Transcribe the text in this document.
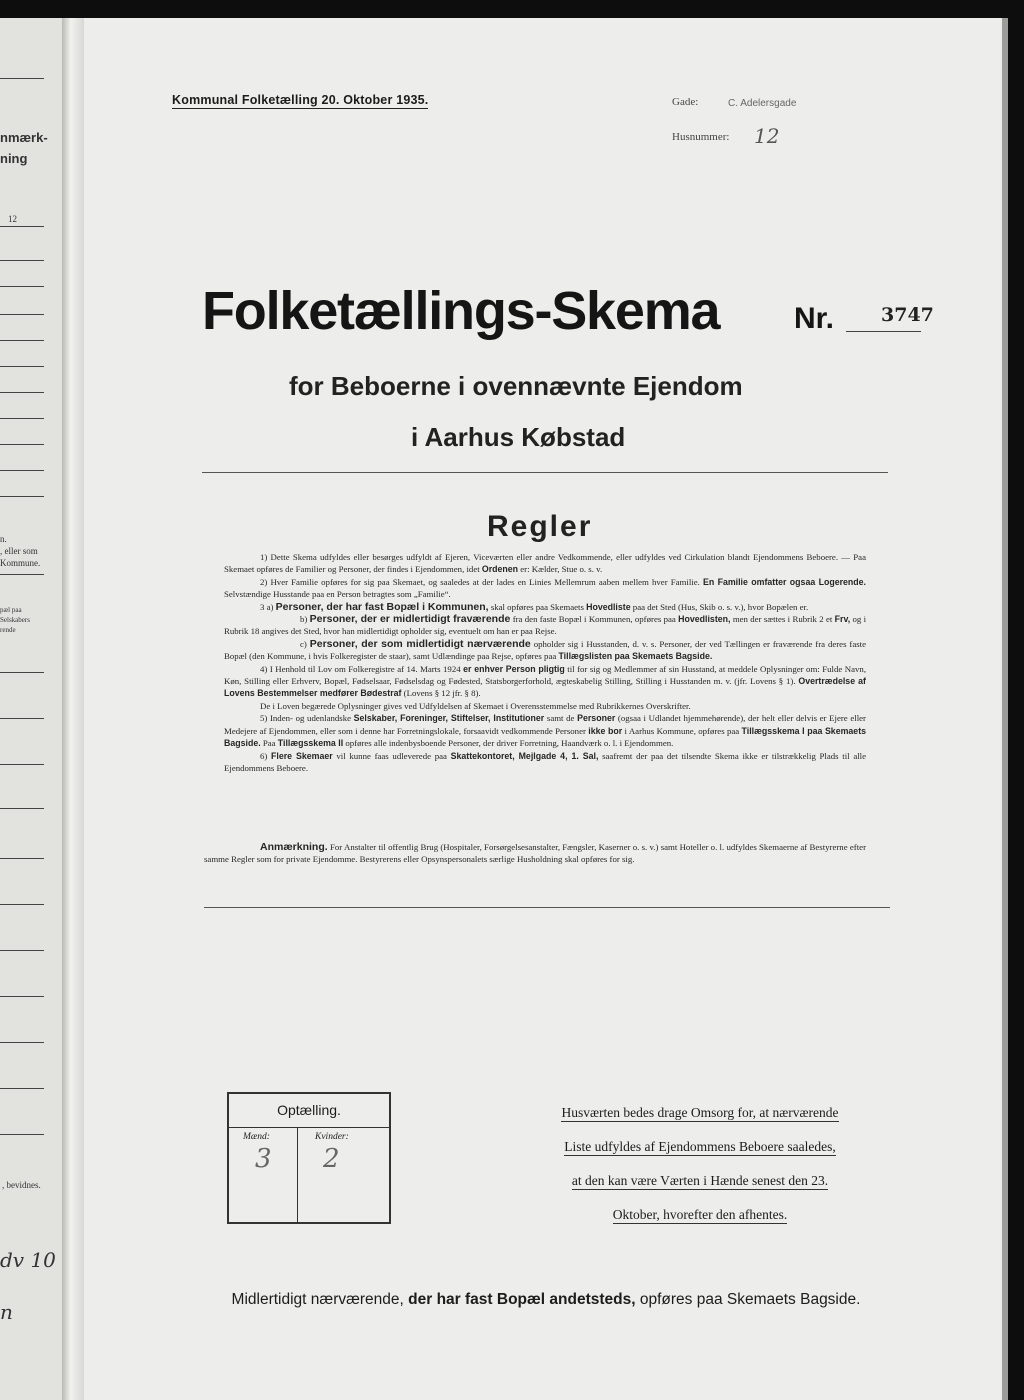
nmærk-
ning
12
n.
, eller som
Kommune.
pæl paa
Selskabers
rende
, bevidnes.
dv 10
n
Kommunal Folketælling 20. Oktober 1935.	Gade:	C. Adelersgade
Husnummer: 12
Folketællings-Skema Nr. 3747
for Beboerne i ovennævnte Ejendom
i Aarhus Købstad
Regler

1) Dette Skema udfyldes eller besørges udfyldt af Ejeren, Viceværten eller andre Vedkommende, eller udfyldes ved Cirkulation blandt Ejendommens Beboere. — Paa Skemaet opføres de Familier og Personer, der findes i Ejendommen, idet Ordenen er: Kælder, Stue o. s. v.

2) Hver Familie opføres for sig paa Skemaet, og saaledes at der lades en Linies Mellemrum aaben mellem hver Familie. En Familie omfatter ogsaa Logerende. Selvstændige Husstande paa en Person betragtes som „Familie“.

3 a) Personer, der har fast Bopæl i Kommunen, skal opføres paa Skemaets Hovedliste paa det Sted (Hus, Skib o. s. v.), hvor Bopælen er.

b) Personer, der er midlertidigt fraværende fra den faste Bopæl i Kommunen, opføres paa Hovedlisten, men der sættes i Rubrik 2 et Frv, og i Rubrik 18 angives det Sted, hvor han midlertidigt opholder sig, eventuelt om han er paa Rejse.

c) Personer, der som midlertidigt nærværende opholder sig i Husstanden, d. v. s. Personer, der ved Tællingen er fraværende fra deres faste Bopæl (den Kommune, i hvis Folkeregister de staar), samt Udlændinge paa Rejse, opføres paa Tillægslisten paa Skemaets Bagside.

4) I Henhold til Lov om Folkeregistre af 14. Marts 1924 er enhver Person pligtig til for sig og Medlemmer af sin Husstand, at meddele Oplysninger om: Fulde Navn, Køn, Stilling eller Erhverv, Bopæl, Fødselsaar, Fødselsdag og Fødested, Statsborgerforhold, ægteskabelig Stilling, Stilling i Husstanden m. v. (jfr. Lovens § 1). Overtrædelse af Lovens Bestemmelser medfører Bødestraf (Lovens § 12 jfr. § 8).

De i Loven begærede Oplysninger gives ved Udfyldelsen af Skemaet i Overensstemmelse med Rubrikkernes Overskrifter.

5) Inden- og udenlandske Selskaber, Foreninger, Stiftelser, Institutioner samt de Personer (ogsaa i Udlandet hjemmehørende), der helt eller delvis er Ejere eller Medejere af Ejendommen, eller som i denne har Forretningslokale, forsaavidt vedkommende Personer ikke bor i Aarhus Kommune, opføres paa Tillægsskema I paa Skemaets Bagside. Paa Tillægsskema II opføres alle indenbysboende Personer, der driver Forretning, Haandværk o. l. i Ejendommen.

6) Flere Skemaer vil kunne faas udleverede paa Skattekontoret, Mejlgade 4, 1. Sal, saafremt der paa det tilsendte Skema ikke er tilstrækkelig Plads til alle Ejendommens Beboere.

Anmærkning. For Anstalter til offentlig Brug (Hospitaler, Forsørgelsesanstalter, Fængsler, Kaserner o. s. v.) samt Hoteller o. l. udfyldes Skemaerne af Bestyrerne efter samme Regler som for private Ejendomme. Bestyrerens eller Opsynspersonalets særlige Husholdning skal opføres for sig.

Optælling.
Mænd:	Kvinder:
3 2
Husværten bedes drage Omsorg for, at nærværende
Liste udfyldes af Ejendommens Beboere saaledes,
at den kan være Værten i Hænde senest den 23.
Oktober, hvorefter den afhentes.
Midlertidigt nærværende, der har fast Bopæl andetsteds, opføres paa Skemaets Bagside.
